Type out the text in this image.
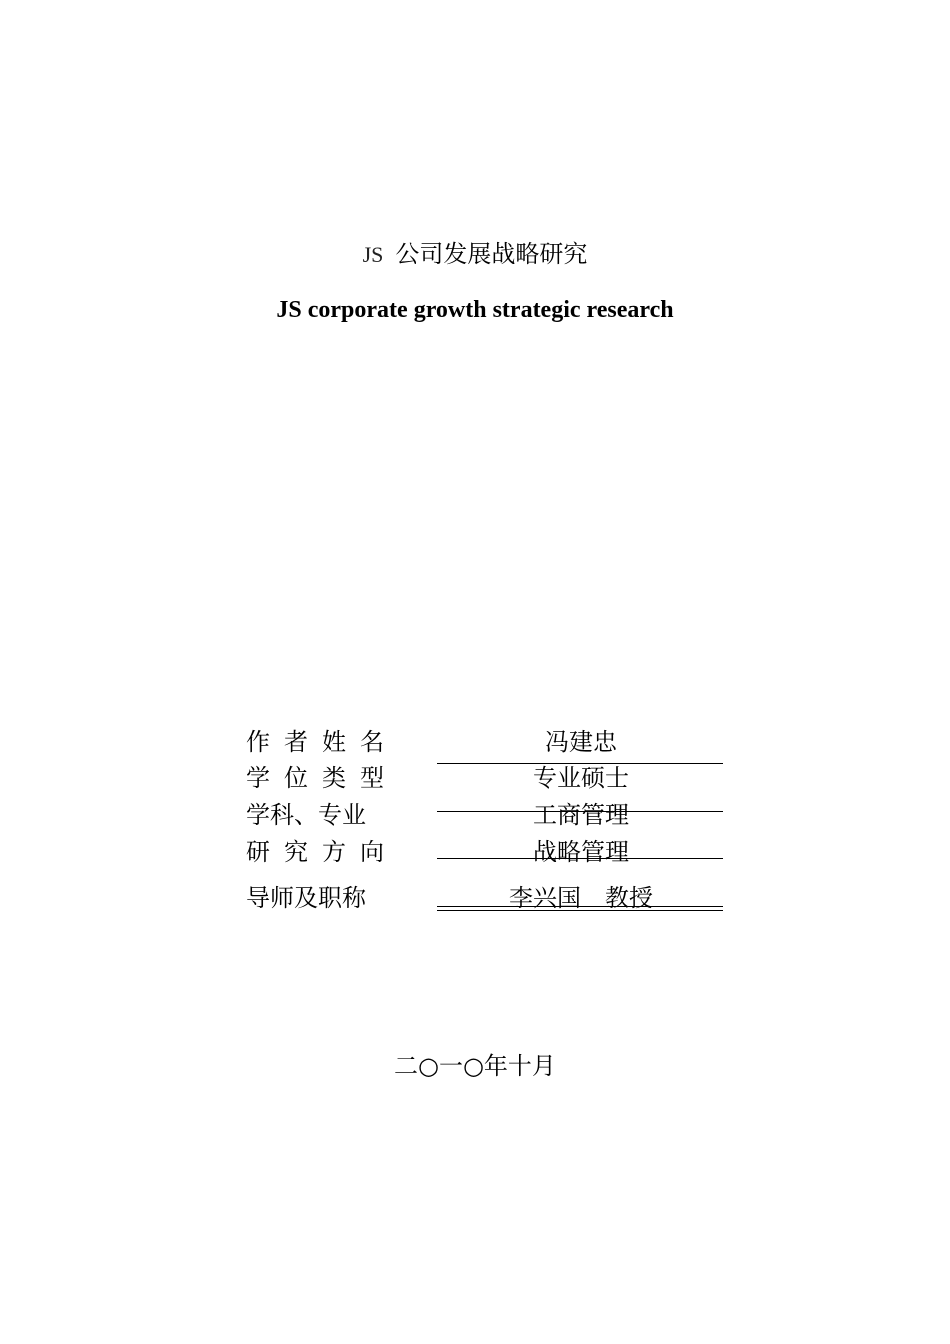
JS 公司发展战略研究
JS corporate growth strategic research
作者姓名	冯建忠
学位类型	专业硕士
学科、专业	工商管理
研究方向	战略管理
导师及职称	李兴国　教授
二○一○年十月
